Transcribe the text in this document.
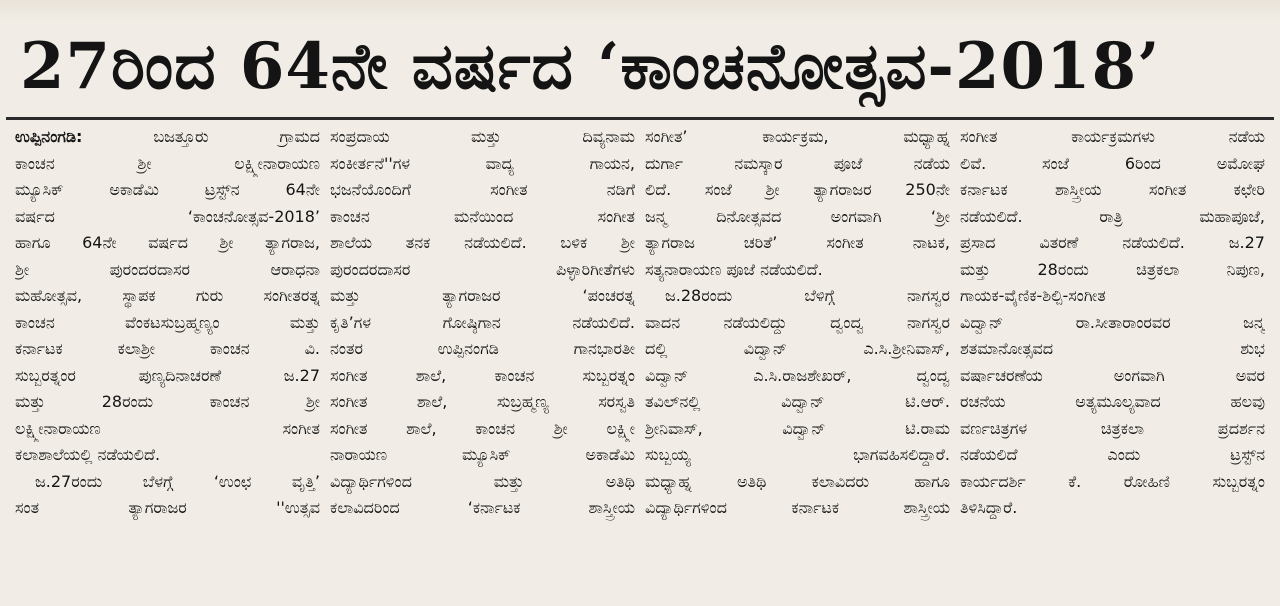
27ರಿಂದ 64ನೇ ವರ್ಷದ ‘ಕಾಂಚನೋತ್ಸವ-2018’
ಉಪ್ಪಿನಂಗಡಿ: ಬಜತ್ತೂರು ಗ್ರಾಮದ
ಕಾಂಚನ ಶ್ರೀ ಲಕ್ಷ್ಮೀನಾರಾಯಣ
ಮ್ಯೂಸಿಕ್ ಅಕಾಡೆಮಿ ಟ್ರಸ್ಟ್‌ನ 64ನೇ
ವರ್ಷದ ‘ಕಾಂಚನೋತ್ಸವ-2018’
ಹಾಗೂ 64ನೇ ವರ್ಷದ ಶ್ರೀ ತ್ಯಾಗರಾಜ,
ಶ್ರೀ ಪುರಂದರದಾಸರ ಆರಾಧನಾ
ಮಹೋತ್ಸವ, ಸ್ಥಾಪಕ ಗುರು ಸಂಗೀತರತ್ನ
ಕಾಂಚನ ವೆಂಕಟಸುಬ್ರಹ್ಮಣ್ಯಂ ಮತ್ತು
ಕರ್ನಾಟಕ ಕಲಾಶ್ರೀ ಕಾಂಚನ ವಿ.
ಸುಬ್ಬರತ್ನಂರ ಪುಣ್ಯದಿನಾಚರಣೆ ಜ.27
ಮತ್ತು 28ರಂದು ಕಾಂಚನ ಶ್ರೀ
ಲಕ್ಷ್ಮೀನಾರಾಯಣ ಸಂಗೀತ
ಕಲಾಶಾಲೆಯಲ್ಲಿ ನಡೆಯಲಿದೆ.
ಜ.27ರಂದು ಬೆಳಗ್ಗೆ ‘ಉಂಛ ವೃತ್ತಿ’
ಸಂತ ತ್ಯಾಗರಾಜರ ''ಉತ್ಸವ
ಸಂಪ್ರದಾಯ ಮತ್ತು ದಿವ್ಯನಾಮ
ಸಂಕೀರ್ತನೆ''ಗಳ ವಾದ್ಯ ಗಾಯನ,
ಭಜನೆಯೊಂದಿಗೆ ಸಂಗೀತ ನಡಿಗೆ
ಕಾಂಚನ ಮನೆಯಿಂದ ಸಂಗೀತ
ಶಾಲೆಯ ತನಕ ನಡೆಯಲಿದೆ. ಬಳಿಕ ಶ್ರೀ
ಪುರಂದರದಾಸರ ಪಿಳ್ಳಾರಿಗೀತೆಗಳು
ಮತ್ತು ತ್ಯಾಗರಾಜರ ‘ಪಂಚರತ್ನ
ಕೃತಿ’ಗಳ ಗೋಷ್ಠಿಗಾನ ನಡೆಯಲಿದೆ.
ನಂತರ ಉಪ್ಪಿನಂಗಡಿ ಗಾನಭಾರತೀ
ಸಂಗೀತ ಶಾಲೆ, ಕಾಂಚನ ಸುಬ್ಬರತ್ನಂ
ಸಂಗೀತ ಶಾಲೆ, ಸುಬ್ರಹ್ಮಣ್ಯ ಸರಸ್ವತಿ
ಸಂಗೀತ ಶಾಲೆ, ಕಾಂಚನ ಶ್ರೀ ಲಕ್ಷ್ಮೀ
ನಾರಾಯಣ ಮ್ಯೂಸಿಕ್ ಅಕಾಡೆಮಿ
ವಿದ್ಯಾರ್ಥಿಗಳಿಂದ ಮತ್ತು ಅತಿಥಿ
ಕಲಾವಿದರಿಂದ ‘ಕರ್ನಾಟಕ ಶಾಸ್ತ್ರೀಯ
ಸಂಗೀತ’ ಕಾರ್ಯಕ್ರಮ, ಮಧ್ಯಾಹ್ನ
ದುರ್ಗಾ ನಮಸ್ಕಾರ ಪೂಜೆ ನಡೆಯ
ಲಿದೆ. ಸಂಜೆ ಶ್ರೀ ತ್ಯಾಗರಾಜರ 250ನೇ
ಜನ್ಮ ದಿನೋತ್ಸವದ ಅಂಗವಾಗಿ ‘ಶ್ರೀ
ತ್ಯಾಗರಾಜ ಚರಿತೆ’ ಸಂಗೀತ ನಾಟಕ,
ಸತ್ಯನಾರಾಯಣ ಪೂಜೆ ನಡೆಯಲಿದೆ.
ಜ.28ರಂದು ಬೆಳಿಗ್ಗೆ ನಾಗಸ್ವರ
ವಾದನ ನಡೆಯಲಿದ್ದು ದ್ವಂದ್ವ ನಾಗಸ್ವರ
ದಲ್ಲಿ ವಿದ್ವಾನ್ ಎ.ಸಿ.ಶ್ರೀನಿವಾಸ್,
ವಿದ್ವಾನ್ ಎ.ಸಿ.ರಾಜಶೇಖರ್, ದ್ವಂದ್ವ
ತವಿಲ್‌ನಲ್ಲಿ ವಿದ್ವಾನ್ ಟಿ.ಆರ್.
ಶ್ರೀನಿವಾಸ್, ವಿದ್ವಾನ್ ಟಿ.ರಾಮ
ಸುಬ್ಬಯ್ಯ ಭಾಗವಹಿಸಲಿದ್ದಾರೆ.
ಮಧ್ಯಾಹ್ನ ಅತಿಥಿ ಕಲಾವಿದರು ಹಾಗೂ
ವಿದ್ಯಾರ್ಥಿಗಳಿಂದ ಕರ್ನಾಟಕ ಶಾಸ್ತ್ರೀಯ
ಸಂಗೀತ ಕಾರ್ಯಕ್ರಮಗಳು ನಡೆಯ
ಲಿವೆ. ಸಂಜೆ 6ರಿಂದ ಅಮೋಘ
ಕರ್ನಾಟಕ ಶಾಸ್ತ್ರೀಯ ಸಂಗೀತ ಕಛೇರಿ
ನಡೆಯಲಿದೆ. ರಾತ್ರಿ ಮಹಾಪೂಜೆ,
ಪ್ರಸಾದ ವಿತರಣೆ ನಡೆಯಲಿದೆ. ಜ.27
ಮತ್ತು 28ರಂದು ಚಿತ್ರಕಲಾ ನಿಪುಣ,
ಗಾಯಕ-ವೈಣಿಕ-ಶಿಲ್ಪಿ-ಸಂಗೀತ
ವಿದ್ವಾನ್ ರಾ.ಸೀತಾರಾಂರವರ ಜನ್ಮ
ಶತಮಾನೋತ್ಸವದ ಶುಭ
ವರ್ಷಾಚರಣೆಯ ಅಂಗವಾಗಿ ಅವರ
ರಚನೆಯ ಅತ್ಯಮೂಲ್ಯವಾದ ಹಲವು
ವರ್ಣಚಿತ್ರಗಳ ಚಿತ್ರಕಲಾ ಪ್ರದರ್ಶನ
ನಡೆಯಲಿದೆ ಎಂದು ಟ್ರಸ್ಟ್‌ನ
ಕಾರ್ಯದರ್ಶಿ ಕೆ. ರೋಹಿಣಿ ಸುಬ್ಬರತ್ನಂ
ತಿಳಿಸಿದ್ದಾರೆ.
